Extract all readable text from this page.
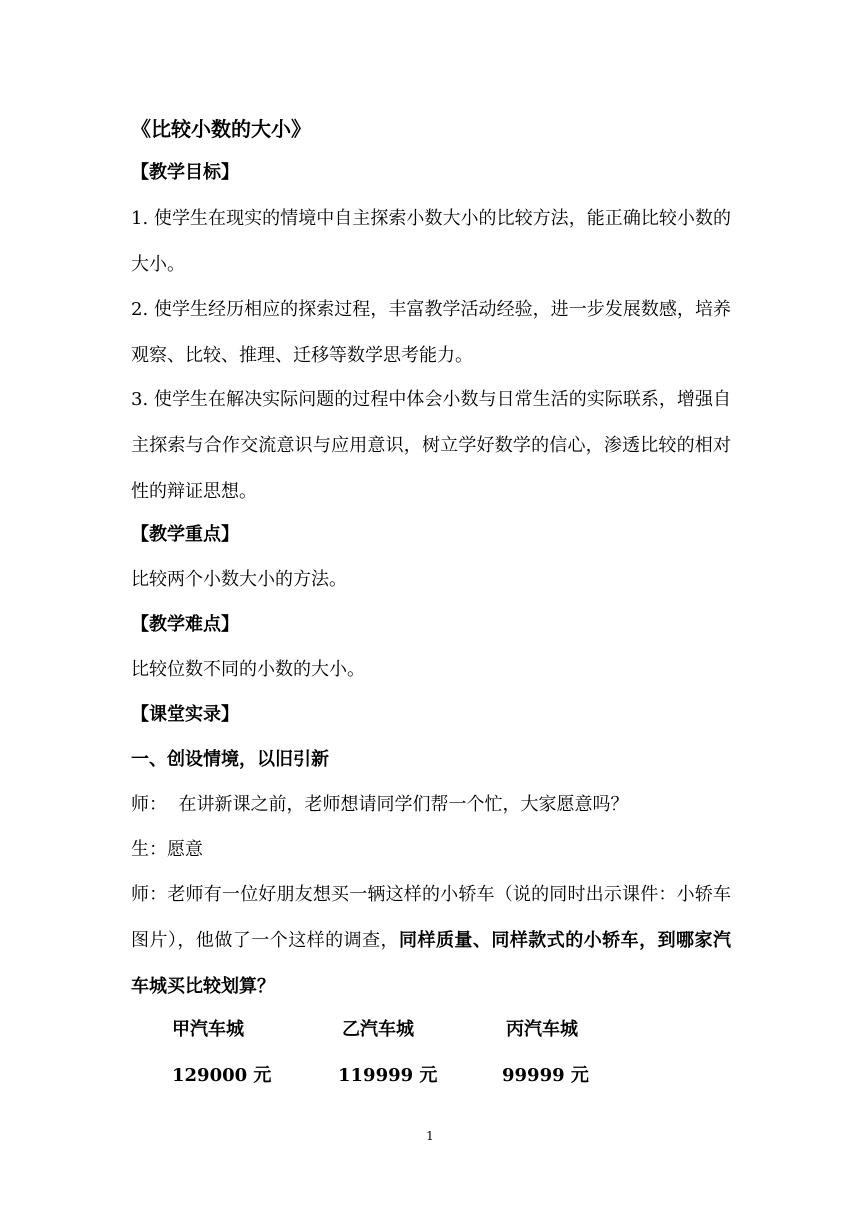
《比较小数的大小》
【教学目标】
1. 使学生在现实的情境中自主探索小数大小的比较方法，能正确比较小数的大小。
2. 使学生经历相应的探索过程，丰富教学活动经验，进一步发展数感，培养观察、比较、推理、迁移等数学思考能力。
3. 使学生在解决实际问题的过程中体会小数与日常生活的实际联系，增强自主探索与合作交流意识与应用意识，树立学好数学的信心，渗透比较的相对性的辩证思想。
【教学重点】
比较两个小数大小的方法。
【教学难点】
比较位数不同的小数的大小。
【课堂实录】
一、创设情境，以旧引新
师：  在讲新课之前，老师想请同学们帮一个忙，大家愿意吗？
生：愿意
师：老师有一位好朋友想买一辆这样的小轿车（说的同时出示课件：小轿车图片），他做了一个这样的调查，同样质量、同样款式的小轿车，到哪家汽车城买比较划算？
甲汽车城	乙汽车城	丙汽车城
129000 元	119999 元	99999 元
1
